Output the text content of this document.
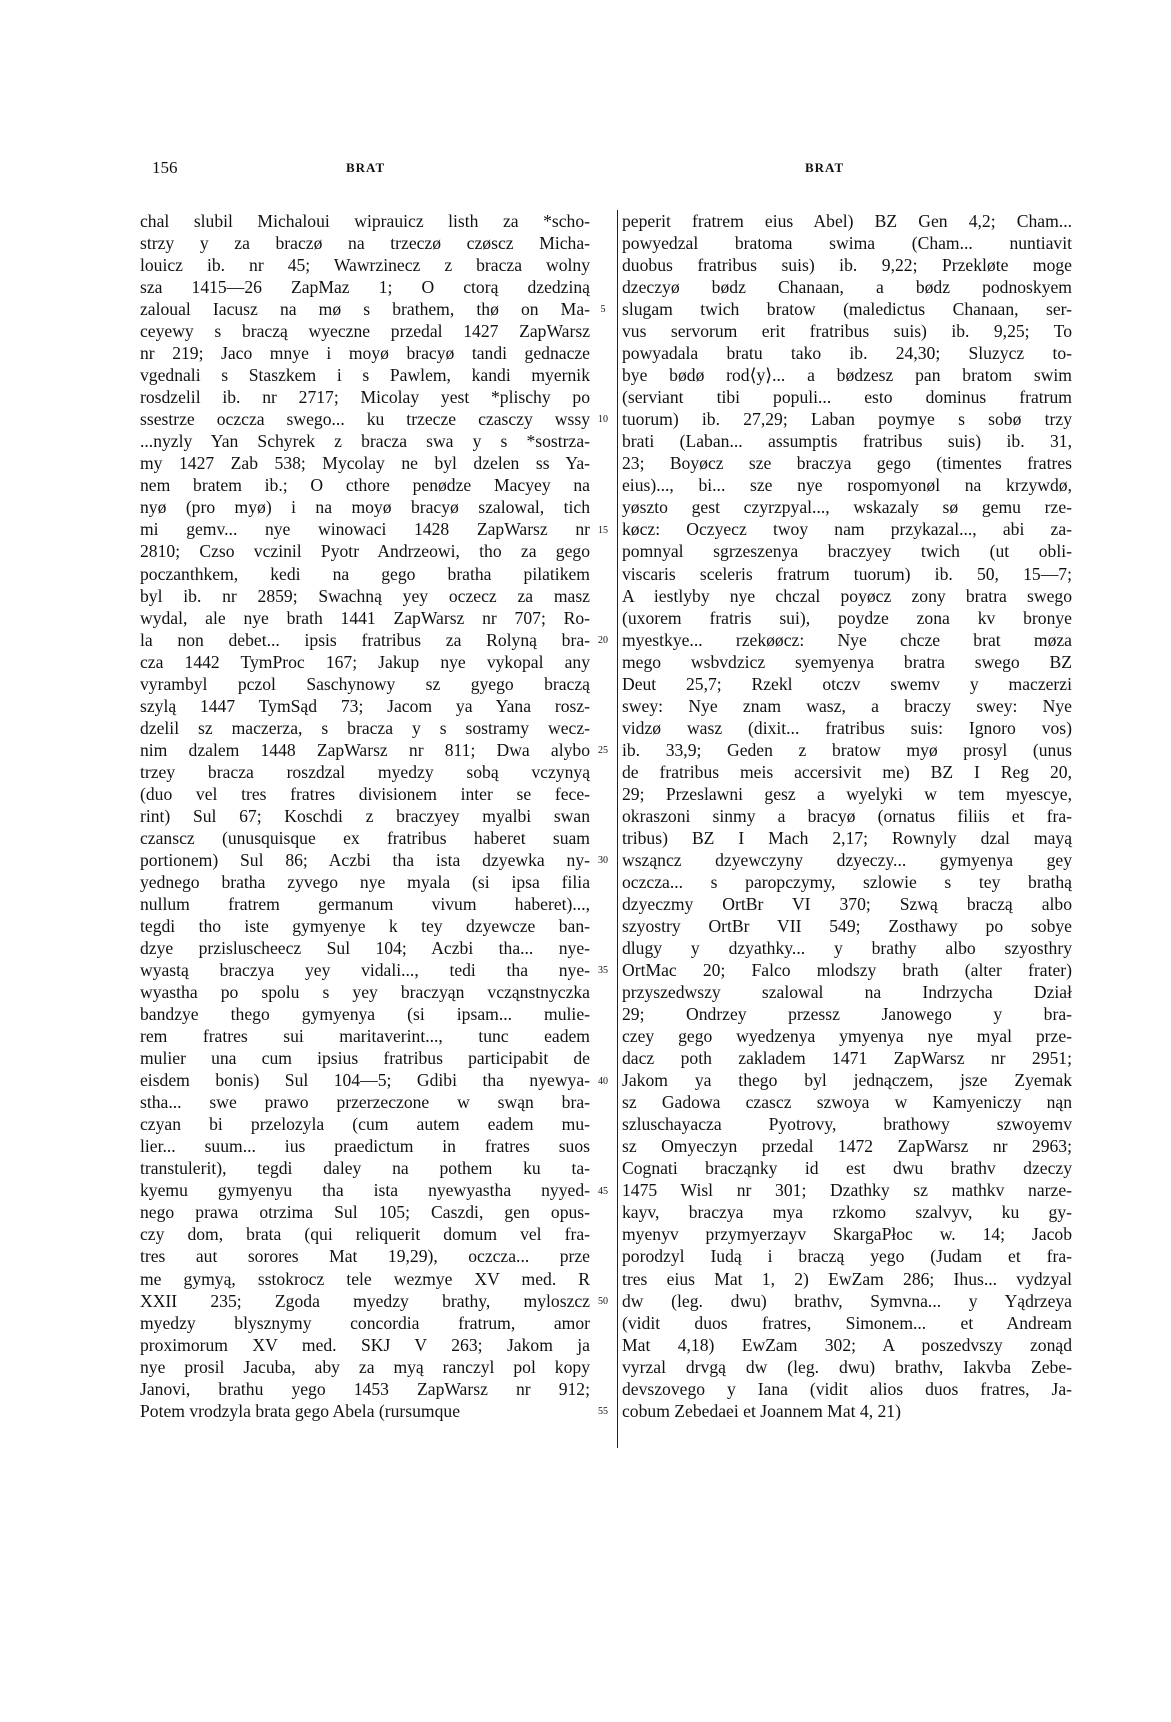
156	BRAT	BRAT
chal slubil Michaloui wiprauicz listh za *scho-
strzy y za braczø na trzeczø czøscz Micha-
louicz ib. nr 45; Wawrzinecz z bracza wolny
sza 1415—26 ZapMaz 1; O ctorą dzedziną
zaloual Iacusz na mø s brathem, thø on Ma-
ceyewy s braczą wyeczne przedal 1427 ZapWarsz
nr 219; Jaco mnye i moyø bracyø tandi gednacze
vgednali s Staszkem i s Pawlem, kandi myernik
rosdzelil ib. nr 2717; Micolay yest *plischy po
ssestrze oczcza swego... ku trzecze czasczy wssy
...nyzly Yan Schyrek z bracza swa y s *sostrza-
my 1427 Zab 538; Mycolay ne byl dzelen ss Ya-
nem bratem ib.; O cthore penødze Macyey na
nyø (pro myø) i na moyø bracyø szalowal, tich
mi gemv... nye winowaci 1428 ZapWarsz nr
2810; Czso vczinil Pyotr Andrzeowi, tho za gego
poczanthkem, kedi na gego bratha pilatikem
byl ib. nr 2859; Swachną yey oczecz za masz
wydal, ale nye brath 1441 ZapWarsz nr 707; Ro-
la non debet... ipsis fratribus za Rolyną bra-
cza 1442 TymProc 167; Jakup nye vykopal any
vyrambyl pczol Saschynowy sz gyego braczą
szylą 1447 TymSąd 73; Jacom ya Yana rosz-
dzelil sz maczerza, s bracza y s sostramy wecz-
nim dzalem 1448 ZapWarsz nr 811; Dwa alybo
trzey bracza roszdzal myedzy sobą vczynyą
(duo vel tres fratres divisionem inter se fece-
rint) Sul 67; Koschdi z braczyey myalbi swan
czanscz (unusquisque ex fratribus haberet suam
portionem) Sul 86; Aczbi tha ista dzyewka ny-
yednego bratha zyvego nye myala (si ipsa filia
nullum fratrem germanum vivum haberet)...,
tegdi tho iste gymyenye k tey dzyewcze ban-
dzye przisluscheecz Sul 104; Aczbi tha... nye-
wyastą braczya yey vidali..., tedi tha nye-
wyastha po spolu s yey braczyąn vcząnstnyczka
bandzye thego gymyenya (si ipsam... mulie-
rem fratres sui maritaverint..., tunc eadem
mulier una cum ipsius fratribus participabit de
eisdem bonis) Sul 104—5; Gdibi tha nyewya-
stha... swe prawo przerzeczone w swąn bra-
czyan bi przelozyla (cum autem eadem mu-
lier... suum... ius praedictum in fratres suos
transtulerit), tegdi daley na pothem ku ta-
kyemu gymyenyu tha ista nyewyastha nyyed-
nego prawa otrzima Sul 105; Caszdi, gen opus-
czy dom, brata (qui reliquerit domum vel fra-
tres aut sorores Mat 19,29), oczcza... prze
me gymyą, sstokrocz tele wezmye XV med. R
XXII 235; Zgoda myedzy brathy, myloszcz
myedzy blysznymy concordia fratrum, amor
proximorum XV med. SKJ V 263; Jakom ja
nye prosil Jacuba, aby za myą ranczyl pol kopy
Janovi, brathu yego 1453 ZapWarsz nr 912;
Potem vrodzyla brata gego Abela (rursumque
5
10
15
20
25
30
35
40
45
50
55
peperit fratrem eius Abel) BZ Gen 4,2; Cham...
powyedzal bratoma swima (Cham... nuntiavit
duobus fratribus suis) ib. 9,22; Przekløte moge
dzeczyø bødz Chanaan, a bødz podnoskyem
slugam twich bratow (maledictus Chanaan, ser-
vus servorum erit fratribus suis) ib. 9,25; To
powyadala bratu tako ib. 24,30; Sluzycz to-
bye bødø rod⟨y⟩... a bødzesz pan bratom swim
(serviant tibi populi... esto dominus fratrum
tuorum) ib. 27,29; Laban poymye s sobø trzy
brati (Laban... assumptis fratribus suis) ib. 31,
23; Boyøcz sze braczya gego (timentes fratres
eius)..., bi... sze nye rospomyonøl na krzywdø,
yøszto gest czyrzpyal..., wskazaly sø gemu rze-
køcz: Oczyecz twoy nam przykazal..., abi za-
pomnyal sgrzeszenya braczyey twich (ut obli-
viscaris sceleris fratrum tuorum) ib. 50, 15—7;
A iestlyby nye chczal poyøcz zony bratra swego
(uxorem fratris sui), poydze zona kv bronye
myestkye... rzekøøcz: Nye chcze brat møza
mego wsbvdzicz syemyenya bratra swego BZ
Deut 25,7; Rzekl otczv swemv y maczerzi
swey: Nye znam wasz, a braczy swey: Nye
vidzø wasz (dixit... fratribus suis: Ignoro vos)
ib. 33,9; Geden z bratow myø prosyl (unus
de fratribus meis accersivit me) BZ I Reg 20,
29; Przeslawni gesz a wyelyki w tem myescye,
okraszoni sinmy a bracyø (ornatus filiis et fra-
tribus) BZ I Mach 2,17; Rownyly dzal mayą
wsząncz dzyewczyny dzyeczy... gymyenya gey
oczcza... s paropczymy, szlowie s tey brathą
dzyeczmy OrtBr VI 370; Szwą braczą albo
szyostry OrtBr VII 549; Zosthawy po sobye
dlugy y dzyathky... y brathy albo szyosthry
OrtMac 20; Falco mlodszy brath (alter frater)
przyszedwszy szalowal na Indrzycha Dział
29; Ondrzey przessz Janowego y bra-
czey gego wyedzenya ymyenya nye myal prze-
dacz poth zakladem 1471 ZapWarsz nr 2951;
Jakom ya thego byl jednączem, jsze Zyemak
sz Gadowa czascz szwoya w Kamyeniczy nąn
szluschayacza Pyotrovy, brathowy szwoyemv
sz Omyeczyn przedal 1472 ZapWarsz nr 2963;
Cognati bracząnky id est dwu brathv dzeczy
1475 Wisl nr 301; Dzathky sz mathkv narze-
kayv, braczya mya rzkomo szalvyv, ku gy-
myenyv przymyerzayv SkargaPłoc w. 14; Jacob
porodzyl Iudą i braczą yego (Judam et fra-
tres eius Mat 1, 2) EwZam 286; Ihus... vydzyal
dw (leg. dwu) brathv, Symvna... y Yądrzeya
(vidit duos fratres, Simonem... et Andream
Mat 4,18) EwZam 302; A poszedvszy zonąd
vyrzal drvgą dw (leg. dwu) brathv, Iakvba Zebe-
devszovego y Iana (vidit alios duos fratres, Ja-
cobum Zebedaei et Joannem Mat 4, 21)
